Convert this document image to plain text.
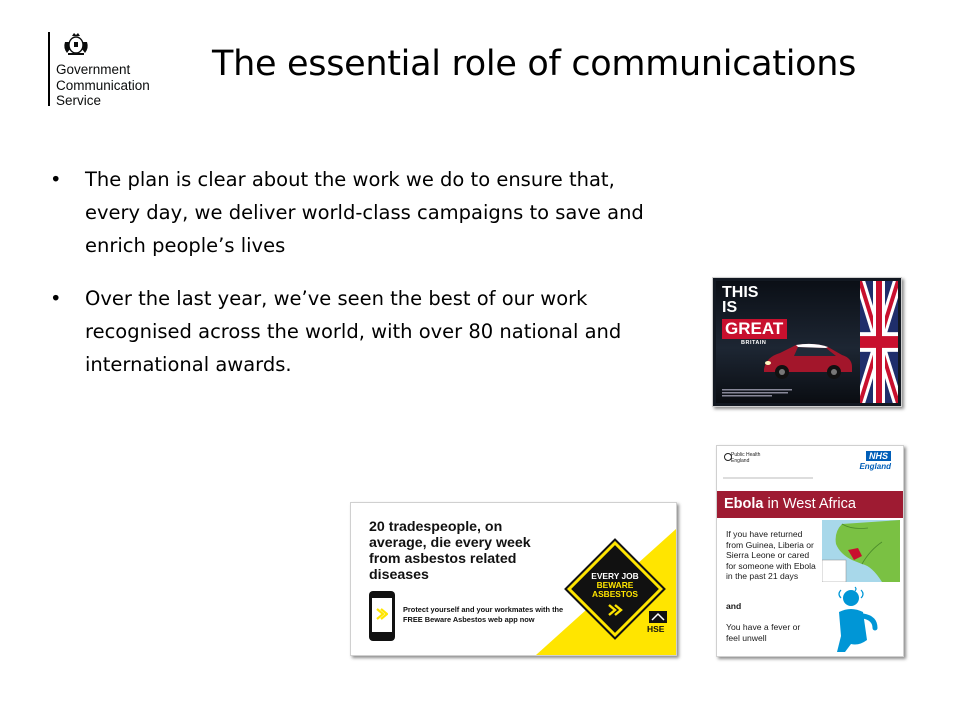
Government
Communication
Service
The essential role of communications
• The plan is clear about the work we do to ensure that, every day, we deliver world-class campaigns to save and enrich people’s lives
• Over the last year, we’ve seen the best of our work recognised across the world, with over 80 national and international awards.
THIS
IS
GREAT
BRITAIN
Public Health
England	NHS
England
Ebola in West Africa
If you have returned from Guinea, Liberia or Sierra Leone or cared for someone with Ebola in the past 21 days
and
You have a fever or feel unwell
20 tradespeople, on average, die every week from asbestos related diseases
Protect yourself and your workmates with the FREE Beware Asbestos web app now
EVERY JOB
BEWARE
ASBESTOS
HSE
